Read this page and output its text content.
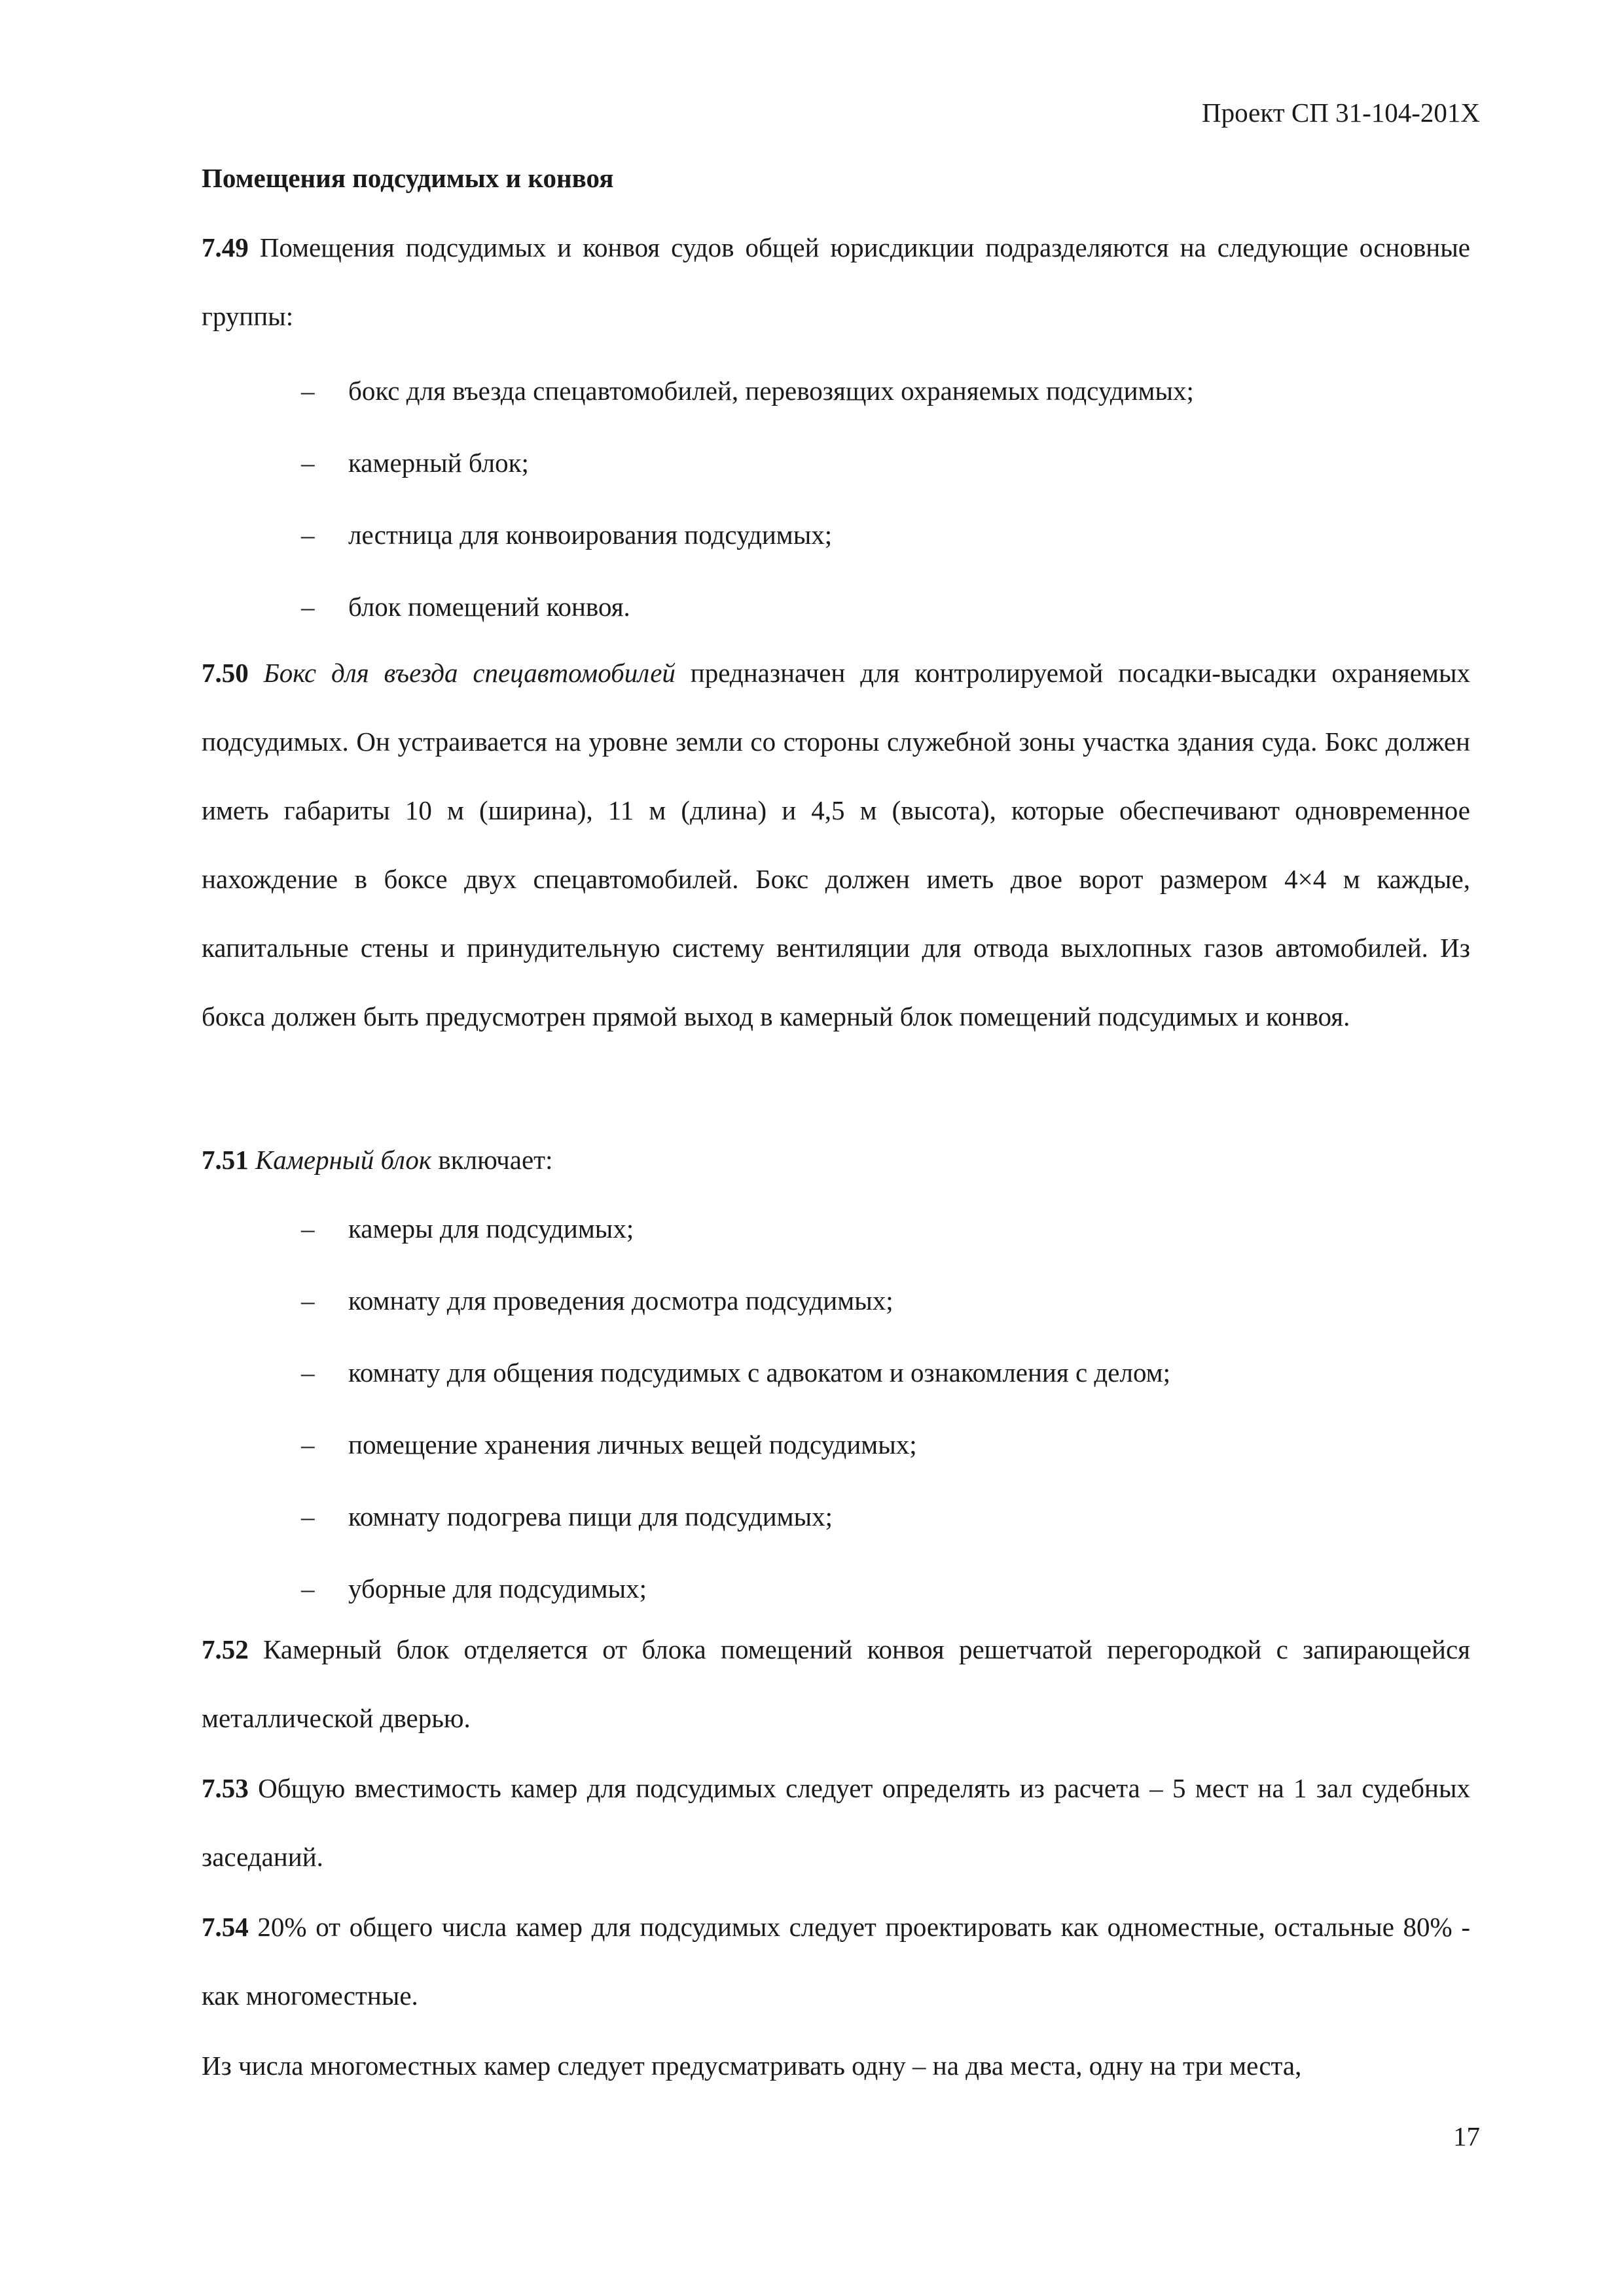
Проект СП 31-104-201Х
Помещения подсудимых и конвоя

7.49 Помещения подсудимых и конвоя судов общей юрисдикции подразделяются на следующие основные группы:

– бокс для въезда спецавтомобилей, перевозящих охраняемых подсудимых;
– камерный блок;
– лестница для конвоирования подсудимых;
– блок помещений конвоя.

7.50 Бокс для въезда спецавтомобилей предназначен для контролируемой посадки-высадки охраняемых подсудимых. Он устраивается на уровне земли со стороны служебной зоны участка здания суда. Бокс должен иметь габариты 10 м (ширина), 11 м (длина) и 4,5 м (высота), которые обеспечивают одновременное нахождение в боксе двух спецавтомобилей. Бокс должен иметь двое ворот размером 4×4 м каждые, капитальные стены и принудительную систему вентиляции для отвода выхлопных газов автомобилей. Из бокса должен быть предусмотрен прямой выход в камерный блок помещений подсудимых и конвоя.

7.51 Камерный блок включает:

– камеры для подсудимых;
– комнату для проведения досмотра подсудимых;
– комнату для общения подсудимых с адвокатом и ознакомления с делом;
– помещение хранения личных вещей подсудимых;
– комнату подогрева пищи для подсудимых;
– уборные для подсудимых;

7.52 Камерный блок отделяется от блока помещений конвоя решетчатой перегородкой с запирающейся металлической дверью.

7.53 Общую вместимость камер для подсудимых следует определять из расчета – 5 мест на 1 зал судебных заседаний.

7.54 20% от общего числа камер для подсудимых следует проектировать как одноместные, остальные 80% - как многоместные.

Из числа многоместных камер следует предусматривать одну – на два места, одну на три места,

17
